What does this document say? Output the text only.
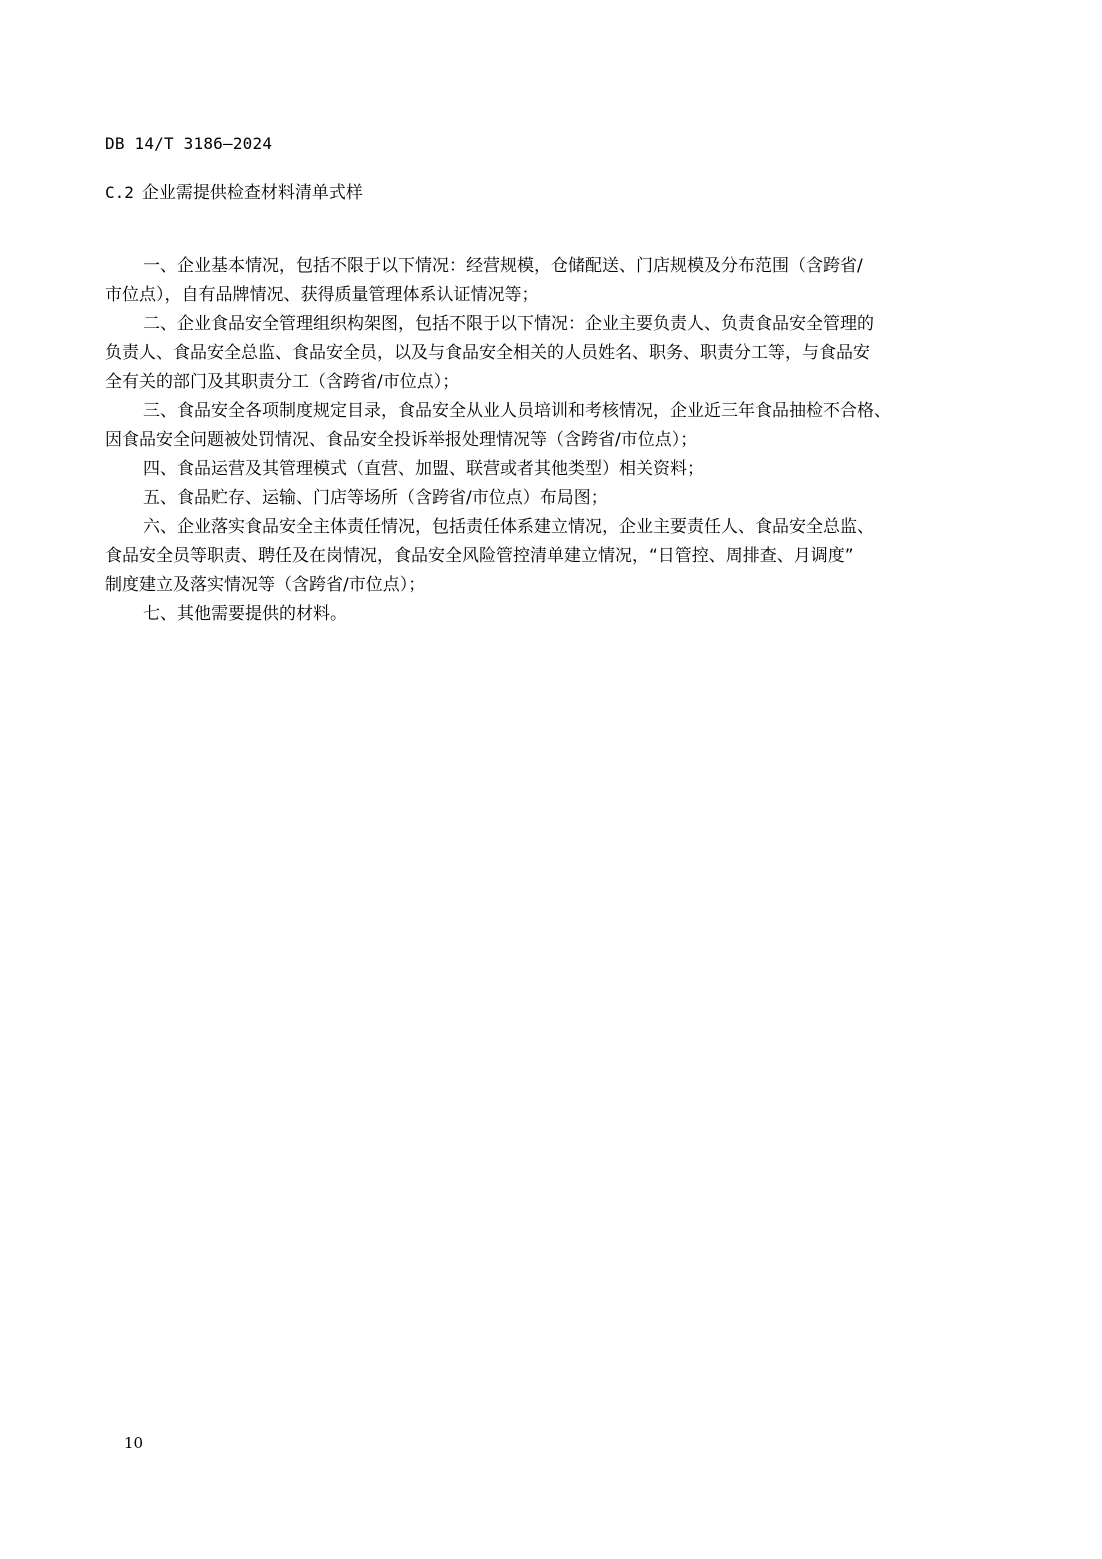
DB 14/T 3186—2024
C.2 企业需提供检查材料清单式样
一、企业基本情况，包括不限于以下情况：经营规模，仓储配送、门店规模及分布范围（含跨省/
市位点），自有品牌情况、获得质量管理体系认证情况等；
二、企业食品安全管理组织构架图，包括不限于以下情况：企业主要负责人、负责食品安全管理的
负责人、食品安全总监、食品安全员，以及与食品安全相关的人员姓名、职务、职责分工等，与食品安
全有关的部门及其职责分工（含跨省/市位点）；
三、食品安全各项制度规定目录，食品安全从业人员培训和考核情况，企业近三年食品抽检不合格、
因食品安全问题被处罚情况、食品安全投诉举报处理情况等（含跨省/市位点）；
四、食品运营及其管理模式（直营、加盟、联营或者其他类型）相关资料；
五、食品贮存、运输、门店等场所（含跨省/市位点）布局图；
六、企业落实食品安全主体责任情况，包括责任体系建立情况，企业主要责任人、食品安全总监、
食品安全员等职责、聘任及在岗情况，食品安全风险管控清单建立情况，“日管控、周排查、月调度”
制度建立及落实情况等（含跨省/市位点）；
七、其他需要提供的材料。
10
